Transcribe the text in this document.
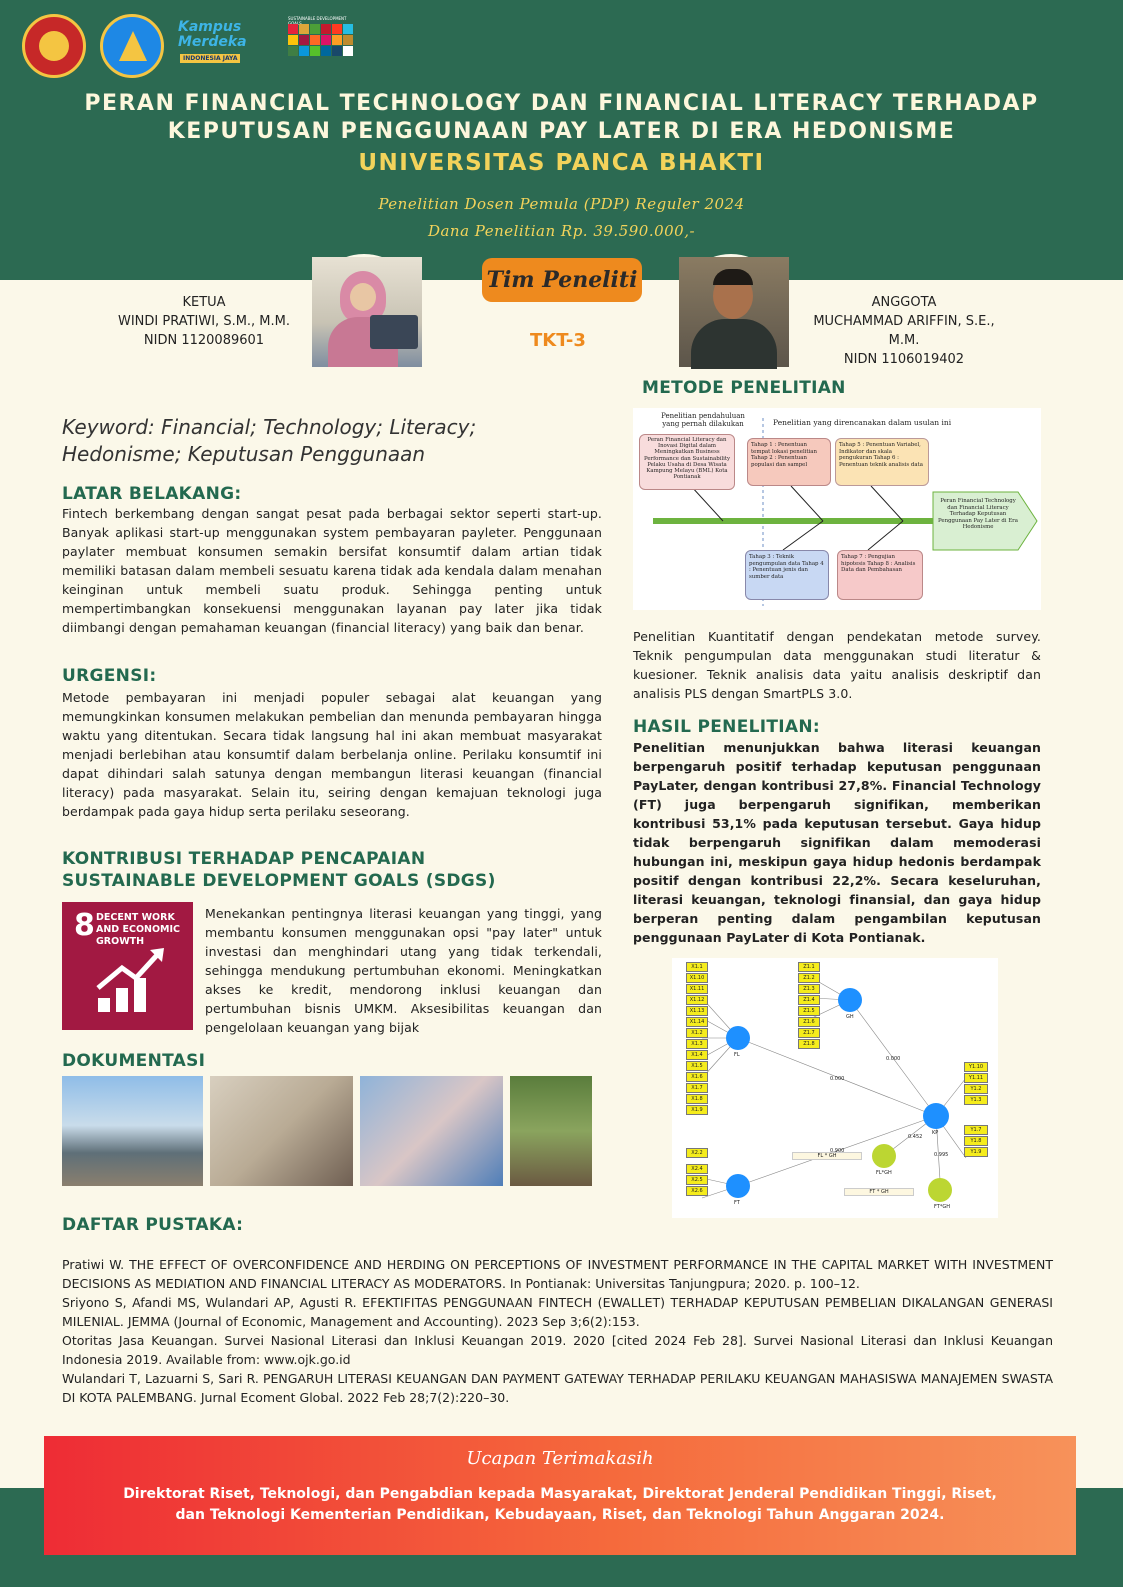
Kampus Merdeka
INDONESIA JAYA
SUSTAINABLE DEVELOPMENT
PERAN FINANCIAL TECHNOLOGY DAN FINANCIAL LITERACY TERHADAP
KEPUTUSAN PENGGUNAAN PAY LATER DI ERA HEDONISME
UNIVERSITAS PANCA BHAKTI
Penelitian Dosen Pemula (PDP) Reguler 2024
Dana Penelitian Rp. 39.590.000,-
KETUA
WINDI PRATIWI, S.M., M.M.
NIDN 1120089601
Tim Peneliti
TKT-3
ANGGOTA
MUCHAMMAD ARIFFIN, S.E., M.M.
NIDN 1106019402
Keyword: Financial; Technology; Literacy; Hedonisme; Keputusan Penggunaan
LATAR BELAKANG:
Fintech berkembang dengan sangat pesat pada berbagai sektor seperti start-up. Banyak aplikasi start-up menggunakan system pembayaran payleter. Penggunaan paylater membuat konsumen semakin bersifat konsumtif dalam artian tidak memiliki batasan dalam membeli sesuatu karena tidak ada kendala dalam menahan keinginan untuk membeli suatu produk. Sehingga penting untuk mempertimbangkan konsekuensi menggunakan layanan pay later jika tidak diimbangi dengan pemahaman keuangan (financial literacy) yang baik dan benar.
URGENSI:
Metode pembayaran ini menjadi populer sebagai alat keuangan yang memungkinkan konsumen melakukan pembelian dan menunda pembayaran hingga waktu yang ditentukan. Secara tidak langsung hal ini akan membuat masyarakat menjadi berlebihan atau konsumtif dalam berbelanja online. Perilaku konsumtif ini dapat dihindari salah satunya dengan membangun literasi keuangan (financial literacy) pada masyarakat. Selain itu, seiring dengan kemajuan teknologi juga berdampak pada gaya hidup serta perilaku seseorang.
KONTRIBUSI TERHADAP PENCAPAIAN
SUSTAINABLE DEVELOPMENT GOALS (SDGS)
8 DECENT WORK AND ECONOMIC GROWTH
Menekankan pentingnya literasi keuangan yang tinggi, yang membantu konsumen menggunakan opsi "pay later" untuk investasi dan menghindari utang yang tidak terkendali, sehingga mendukung pertumbuhan ekonomi. Meningkatkan akses ke kredit, mendorong inklusi keuangan dan pertumbuhan bisnis UMKM. Aksesibilitas keuangan dan pengelolaan keuangan yang bijak
DOKUMENTASI
METODE PENELITIAN
Penelitian pendahuluan yang pernah dilakukan	Penelitian yang direncanakan dalam usulan ini
Peran Financial Literacy dan Inovasi Digital dalam Meningkatkan Business Performance dan Sustainability Pelaku Usaha di Desa Wisata Kampung Melayu (BML) Kota Pontianak
Tahap 1 : Penentuan tempat lokasi penelitian Tahap 2 : Penentuan populasi dan sampel
Tahap 5 : Penentuan Variabel, Indikator dan skala pengukuran Tahap 6 : Penentuan teknik analisis data
Tahap 3 : Teknik pengumpulan data Tahap 4 : Penentuan jenis dan sumber data
Tahap 7 : Pengujian hipotesis Tahap 8 : Analisis Data dan Pembahasan
Peran Financial Technology dan Financial Literacy Terhadap Keputusan Penggunaan Pay Later di Era Hedonisme
Penelitian Kuantitatif dengan pendekatan metode survey. Teknik pengumpulan data menggunakan studi literatur & kuesioner. Teknik analisis data yaitu analisis deskriptif dan analisis PLS dengan SmartPLS 3.0.
HASIL PENELITIAN:
Penelitian menunjukkan bahwa literasi keuangan berpengaruh positif terhadap keputusan penggunaan PayLater, dengan kontribusi 27,8%. Financial Technology (FT) juga berpengaruh signifikan, memberikan kontribusi 53,1% pada keputusan tersebut. Gaya hidup tidak berpengaruh signifikan dalam memoderasi hubungan ini, meskipun gaya hidup hedonis berdampak positif dengan kontribusi 22,2%. Secara keseluruhan, literasi keuangan, teknologi finansial, dan gaya hidup berperan penting dalam pengambilan keputusan penggunaan PayLater di Kota Pontianak.
FL
GH
KP
FT
FL*GH
FT*GH
FL * GH
FT * GH
0.000
0.000
0.452
0.995
0.900
X1.1
X1.10
X1.11
X1.12
X1.13
X1.14
X1.2
X1.3
X1.4
X1.5
X1.6
X1.7
X1.8
X1.9
Z1.1
Z1.2
Z1.3
Z1.4
Z1.5
Z1.6
Z1.7
Z1.8
Y1.10
Y1.11
Y1.2
Y1.3
Y1.7
Y1.8
Y1.9
X2.2
X2.4
X2.5
X2.6
DAFTAR PUSTAKA:

Pratiwi W. THE EFFECT OF OVERCONFIDENCE AND HERDING ON PERCEPTIONS OF INVESTMENT PERFORMANCE IN THE CAPITAL MARKET WITH INVESTMENT DECISIONS AS MEDIATION AND FINANCIAL LITERACY AS MODERATORS. In Pontianak: Universitas Tanjungpura; 2020. p. 100–12.

Sriyono S, Afandi MS, Wulandari AP, Agusti R. EFEKTIFITAS PENGGUNAAN FINTECH (EWALLET) TERHADAP KEPUTUSAN PEMBELIAN DIKALANGAN GENERASI MILENIAL. JEMMA (Journal of Economic, Management and Accounting). 2023 Sep 3;6(2):153.

Otoritas Jasa Keuangan. Survei Nasional Literasi dan Inklusi Keuangan 2019. 2020 [cited 2024 Feb 28]. Survei Nasional Literasi dan Inklusi Keuangan Indonesia 2019. Available from: www.ojk.go.id

Wulandari T, Lazuarni S, Sari R. PENGARUH LITERASI KEUANGAN DAN PAYMENT GATEWAY TERHADAP PERILAKU KEUANGAN MAHASISWA MANAJEMEN SWASTA DI KOTA PALEMBANG. Jurnal Ecoment Global. 2022 Feb 28;7(2):220–30.

Ucapan Terimakasih
Direktorat Riset, Teknologi, dan Pengabdian kepada Masyarakat, Direktorat Jenderal Pendidikan Tinggi, Riset,
dan Teknologi Kementerian Pendidikan, Kebudayaan, Riset, dan Teknologi Tahun Anggaran 2024.
